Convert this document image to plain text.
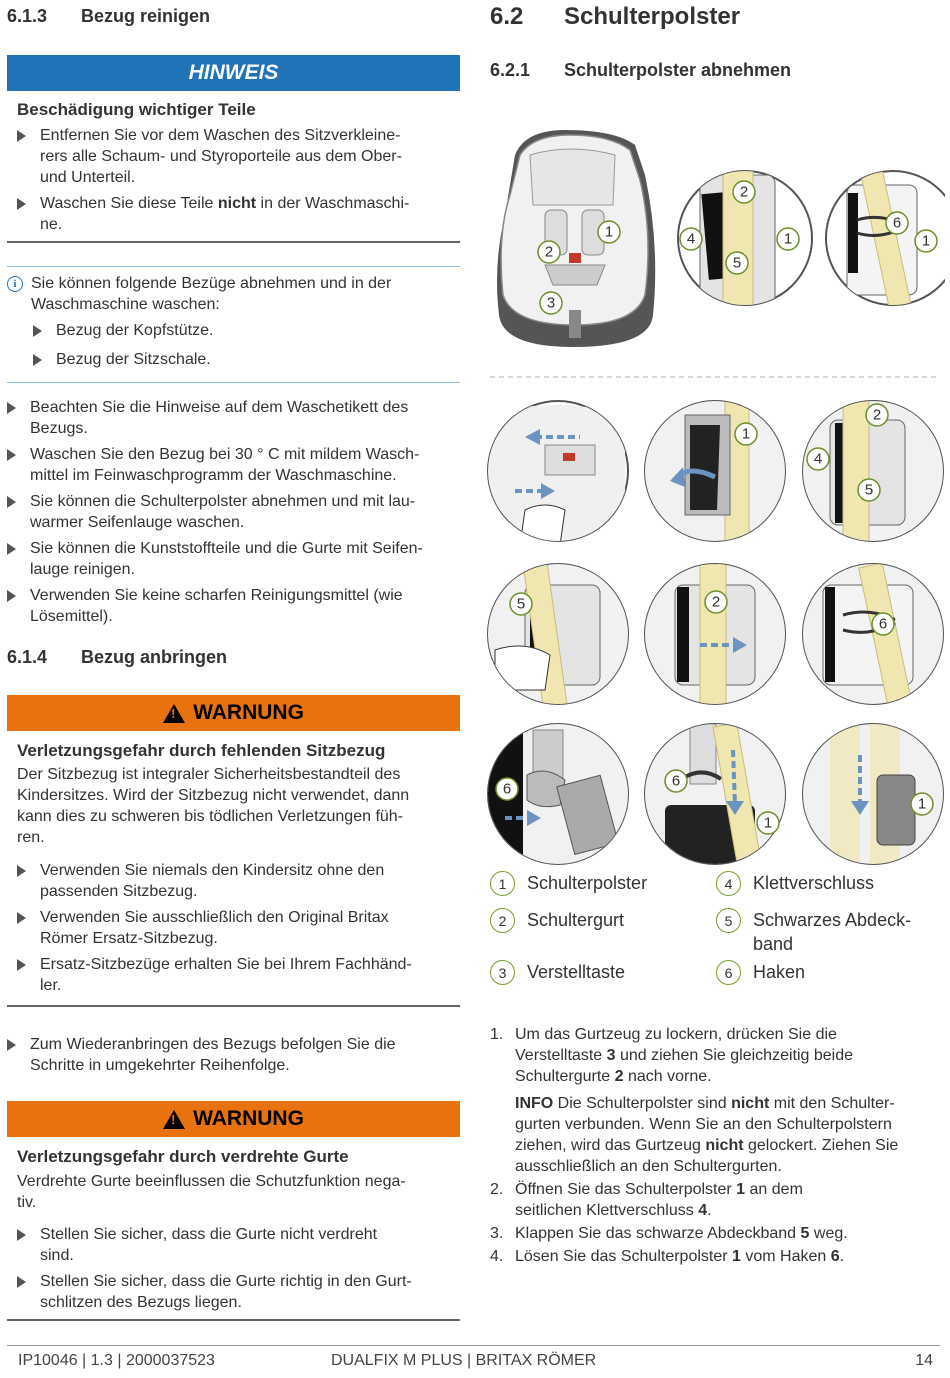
6.1.3	Bezug reinigen
HINWEIS
Beschädigung wichtiger Teile
Entfernen Sie vor dem Waschen des Sitzverkleine-
rers alle Schaum- und Styroporteile aus dem Ober-
und Unterteil.
Waschen Sie diese Teile nicht in der Waschmaschi-
ne.
i Sie können folgende Bezüge abnehmen und in der
Waschmaschine waschen:
Bezug der Kopfstütze.
Bezug der Sitzschale.
Beachten Sie die Hinweise auf dem Waschetikett des
Bezugs.
Waschen Sie den Bezug bei 30 ° C mit mildem Wasch-
mittel im Feinwaschprogramm der Waschmaschine.
Sie können die Schulterpolster abnehmen und mit lau-
warmer Seifenlauge waschen.
Sie können die Kunststoffteile und die Gurte mit Seifen-
lauge reinigen.
Verwenden Sie keine scharfen Reinigungsmittel (wie
Lösemittel).
6.1.4	Bezug anbringen
!
WARNUNG
Verletzungsgefahr durch fehlenden Sitzbezug
Der Sitzbezug ist integraler Sicherheitsbestandteil des
Kindersitzes. Wird der Sitzbezug nicht verwendet, dann
kann dies zu schweren bis tödlichen Verletzungen füh-
ren.
Verwenden Sie niemals den Kindersitz ohne den
passenden Sitzbezug.
Verwenden Sie ausschließlich den Original Britax
Römer Ersatz-Sitzbezug.
Ersatz-Sitzbezüge erhalten Sie bei Ihrem Fachhänd-
ler.
Zum Wiederanbringen des Bezugs befolgen Sie die
Schritte in umgekehrter Reihenfolge.
!
WARNUNG
Verletzungsgefahr durch verdrehte Gurte
Verdrehte Gurte beeinflussen die Schutzfunktion nega-
tiv.
Stellen Sie sicher, dass die Gurte nicht verdreht
sind.
Stellen Sie sicher, dass die Gurte richtig in den Gurt-
schlitzen des Bezugs liegen.
6.2	Schulterpolster
6.2.1	Schulterpolster abnehmen
1
2
3
2
4
5
1
6
1
1
2
4
5
5	2
6
6	6
1
1
1	Schulterpolster
2	Schultergurt
3	Verstelltaste
4	Klettverschluss
5	Schwarzes Abdeck-
band
6	Haken
1. Um das Gurtzeug zu lockern, drücken Sie die
Verstelltaste 3 und ziehen Sie gleichzeitig beide
Schultergurte 2 nach vorne.
INFO Die Schulterpolster sind nicht mit den Schulter-
gurten verbunden. Wenn Sie an den Schulterpolstern
ziehen, wird das Gurtzeug nicht gelockert. Ziehen Sie
ausschließlich an den Schultergurten.
2. Öffnen Sie das Schulterpolster 1 an dem
seitlichen Klettverschluss 4.
3. Klappen Sie das schwarze Abdeckband 5 weg.
4. Lösen Sie das Schulterpolster 1 vom Haken 6.
IP10046 | 1.3 | 2000037523	DUALFIX M PLUS | BRITAX RÖMER	14
